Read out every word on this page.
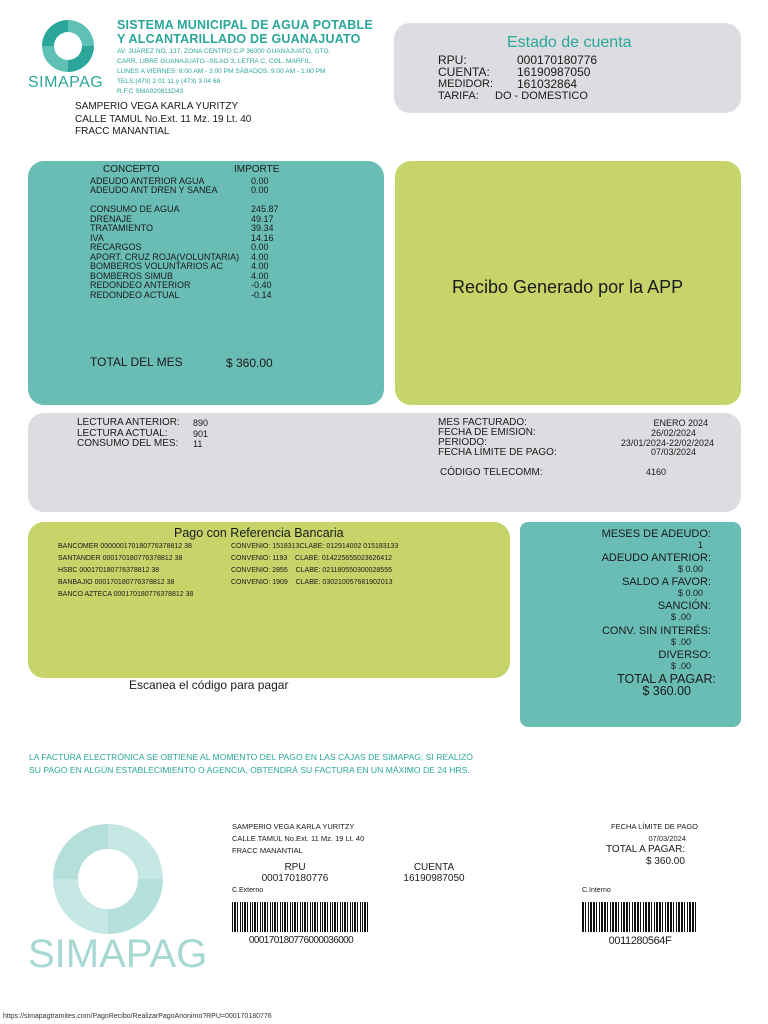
SIMAPAG
SISTEMA MUNICIPAL DE AGUA POTABLE
Y ALCANTARILLADO DE GUANAJUATO
AV. JUÁREZ NO. 137, ZONA CENTRO C.P 36000 GUANAJUATO, GTO.
CARR. LIBRE GUANAJUATO--SILAO 3, LETRA C, COL. MARFIL.
LUNES A VIERNES: 8:00 AM - 3:00 PM SÁBADOS: 9:00 AM - 1:00 PM
TELS:(473) 2 01 11 y (473) 3 04 68
R.F.C SMA920811D43
SAMPERIO VEGA KARLA YURITZY
CALLE TAMUL No.Ext. 11 Mz. 19 Lt. 40
FRACC MANANTIAL
Estado de cuenta
RPU:	000170180776
CUENTA: 16190987050
MEDIDOR: 161032864
TARIFA: DO - DOMESTICO
CONCEPTO	IMPORTE
ADEUDO ANTERIOR AGUA	0.00
ADEUDO ANT DREN Y SANEA	0.00
CONSUMO DE AGUA	245.87
DRENAJE	49.17
TRATAMIENTO	39.34
IVA	14.16
RECARGOS	0.00
APORT. CRUZ ROJA(VOLUNTARIA) 4.00
BOMBEROS VOLUNTARIOS AC	4.00
BOMBEROS SIMUB	4.00
REDONDEO ANTERIOR	-0.40
REDONDEO ACTUAL	-0.14
TOTAL DEL MES	$ 360.00
Recibo Generado por la APP
LECTURA ANTERIOR: 890
LECTURA ACTUAL:	901
CONSUMO DEL MES: 11
MES FACTURADO:	ENERO 2024
FECHA DE EMISION:	26/02/2024
PERIODO:	23/01/2024-22/02/2024
FECHA LÍMITE DE PAGO:	07/03/2024
CÓDIGO TELECOMM:	4160
Pago con Referencia Bancaria
BANCOMER 000000170180776378812 38
SANTANDER 000170180776378812 38
HSBC 000170180776378812 38
BANBAJIO 000170180776378812 38
BANCO AZTECA 000170180776378812 38
CONVENIO: 1518313CLABE: 012914002 015183133
CONVENIO: 1193    CLABE: 014225655023626412
CONVENIO: 2855    CLABE: 021180550300028555
CONVENIO: 1909    CLABE: 030210057681902013
Escanea el código para pagar
MESES DE ADEUDO:
1
ADEUDO ANTERIOR:
$ 0.00
SALDO A FAVOR:
$ 0.00
SANCIÓN:
$ .00
CONV. SIN INTERÉS:
$ .00
DIVERSO:
$ .00
TOTAL A PAGAR:
$ 360.00
LA FACTURA ELECTRÓNICA SE OBTIENE AL MOMENTO DEL PAGO EN LAS CAJAS DE SIMAPAG; SI REALIZÓ
SU PAGO EN ALGÚN ESTABLECIMIENTO O AGENCIA, OBTENDRÁ SU FACTURA EN UN MÁXIMO DE 24 HRS.
SIMAPAG
SAMPERIO VEGA KARLA YURITZY
CALLE TAMUL No.Ext. 11 Mz. 19 Lt. 40
FRACC MANANTIAL
RPU
000170180776
CUENTA
16190987050
C.Externo
000170180776000036000
FECHA LÍMITE DE PAGO
07/03/2024
TOTAL A PAGAR:
$ 360.00
C.Interno
0011280564F
https://simapagtramites.com/PagoRecibo/RealizarPagoAnonimo?RPU=000170180776
